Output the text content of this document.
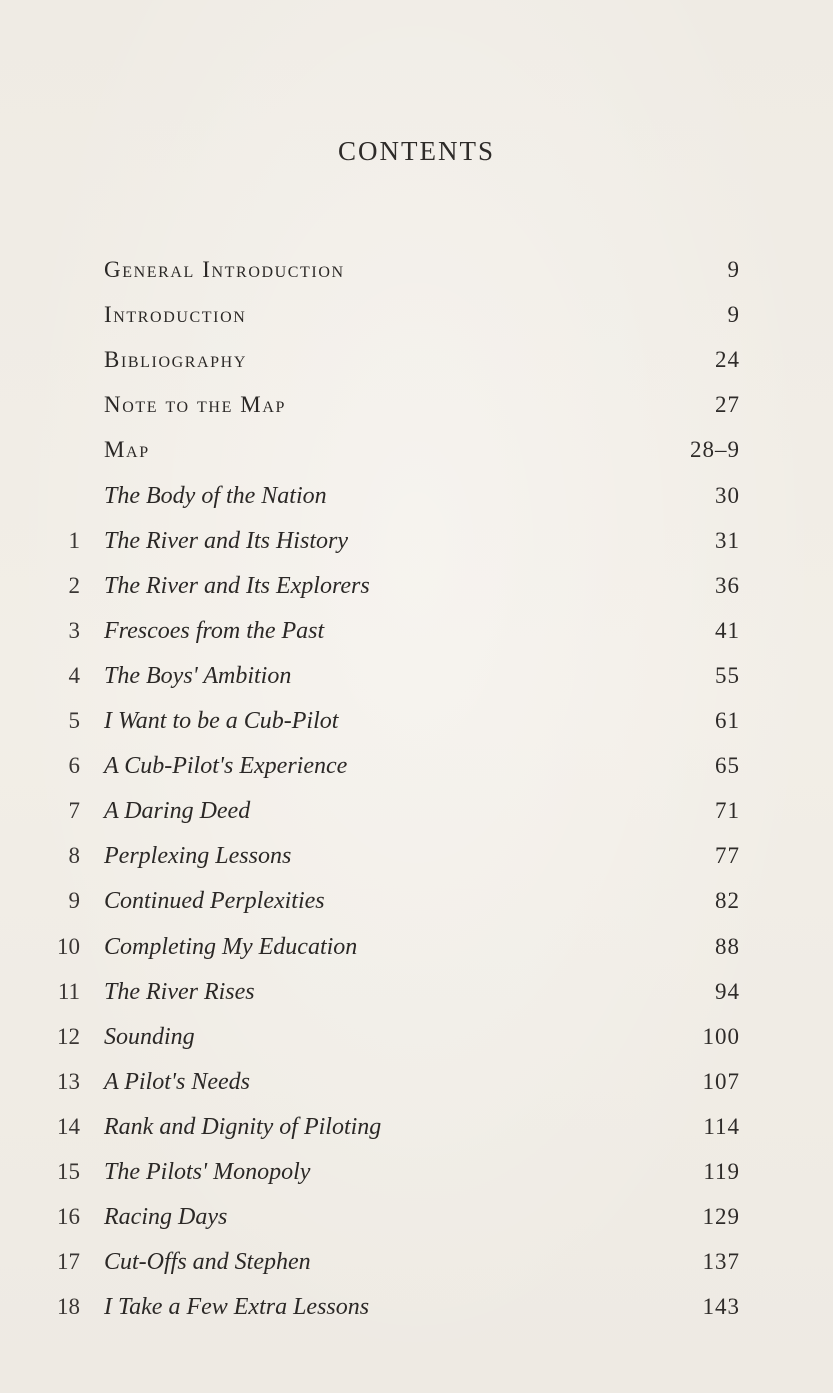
CONTENTS
General Introduction	9
Introduction	9
Bibliography	24
Note to the Map	27
Map	28–9
The Body of the Nation	30
1 The River and Its History	31
2 The River and Its Explorers	36
3 Frescoes from the Past	41
4 The Boys' Ambition	55
5 I Want to be a Cub-Pilot	61
6 A Cub-Pilot's Experience	65
7 A Daring Deed	71
8 Perplexing Lessons	77
9 Continued Perplexities	82
10 Completing My Education	88
11 The River Rises	94
12 Sounding	100
13 A Pilot's Needs	107
14 Rank and Dignity of Piloting	114
15 The Pilots' Monopoly	119
16 Racing Days	129
17 Cut-Offs and Stephen	137
18 I Take a Few Extra Lessons	143
